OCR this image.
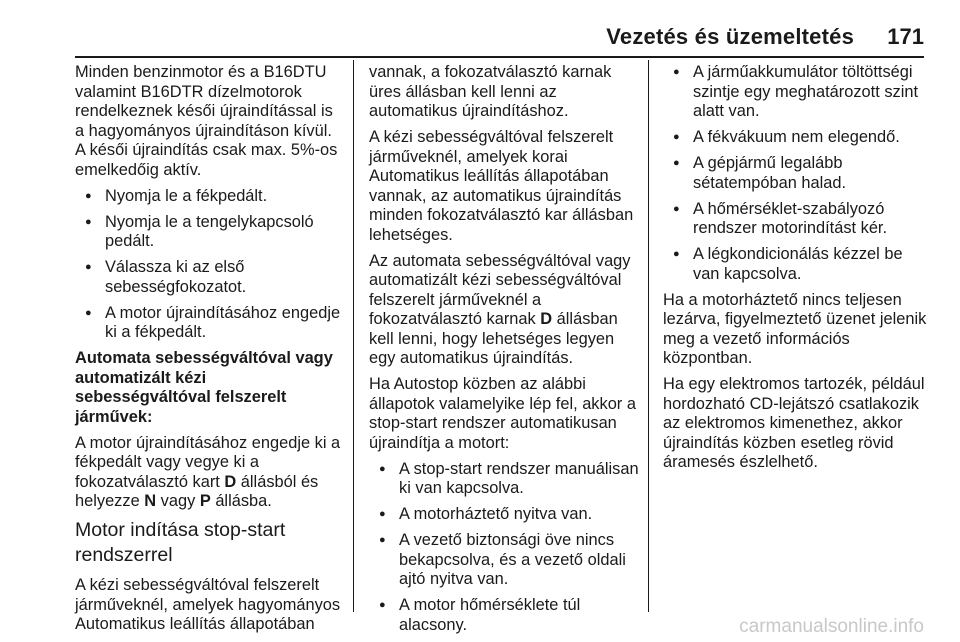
Vezetés és üzemeltetés 171

Minden benzinmotor és a B16DTU valamint B16DTR dízelmotorok rendelkeznek késői újraindítással is a hagyományos újraindításon kívül. A késői újraindítás csak max. 5%-os emelkedőig aktív.

● Nyomja le a fékpedált.
● Nyomja le a tengelykapcsoló pedált.
● Válassza ki az első sebességfokozatot.
● A motor újraindításához engedje ki a fékpedált.

Automata sebességváltóval vagy automatizált kézi sebességváltóval felszerelt járművek:

A motor újraindításához engedje ki a fékpedált vagy vegye ki a fokozatválasztó kart D állásból és helyezze N vagy P állásba.

Motor indítása stop-start rendszerrel

A kézi sebességváltóval felszerelt járműveknél, amelyek hagyományos Automatikus leállítás állapotában

vannak, a fokozatválasztó karnak üres állásban kell lenni az automatikus újraindításhoz.

A kézi sebességváltóval felszerelt járműveknél, amelyek korai Automatikus leállítás állapotában vannak, az automatikus újraindítás minden fokozatválasztó kar állásban lehetséges.

Az automata sebességváltóval vagy automatizált kézi sebességváltóval felszerelt járműveknél a fokozatválasztó karnak D állásban kell lenni, hogy lehetséges legyen egy automatikus újraindítás.

Ha Autostop közben az alábbi állapotok valamelyike lép fel, akkor a stop-start rendszer automatikusan újraindítja a motort:

● A stop-start rendszer manuálisan ki van kapcsolva.
● A motorháztető nyitva van.
● A vezető biztonsági öve nincs bekapcsolva, és a vezető oldali ajtó nyitva van.
● A motor hőmérséklete túl alacsony.
● A járműakkumulátor töltöttségi szintje egy meghatározott szint alatt van.
● A fékvákuum nem elegendő.
● A gépjármű legalább sétatempóban halad.
● A hőmérséklet-szabályozó rendszer motorindítást kér.
● A légkondicionálás kézzel be van kapcsolva.

Ha a motorháztető nincs teljesen lezárva, figyelmeztető üzenet jelenik meg a vezető információs központban.

Ha egy elektromos tartozék, például hordozható CD-lejátszó csatlakozik az elektromos kimenethez, akkor újraindítás közben esetleg rövid áramesés észlelhető.

carmanualsonline.info
